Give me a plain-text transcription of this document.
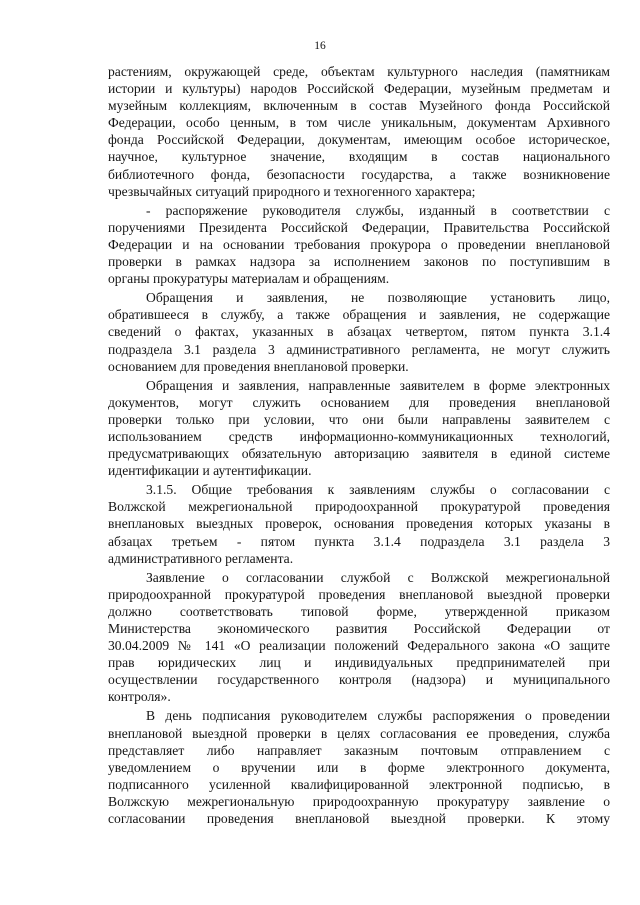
16
растениям, окружающей среде, объектам культурного наследия (памятникам
истории и культуры) народов Российской Федерации, музейным предметам и
музейным коллекциям, включенным в состав Музейного фонда Российской
Федерации, особо ценным, в том числе уникальным, документам Архивного
фонда Российской Федерации, документам, имеющим особое историческое,
научное, культурное значение, входящим в состав национального
библиотечного фонда, безопасности государства, а также возникновение
чрезвычайных ситуаций природного и техногенного характера;
- распоряжение руководителя службы, изданный в соответствии с
поручениями Президента Российской Федерации, Правительства Российской
Федерации и на основании требования прокурора о проведении внеплановой
проверки в рамках надзора за исполнением законов по поступившим в
органы прокуратуры материалам и обращениям.
Обращения и заявления, не позволяющие установить лицо,
обратившееся в службу, а также обращения и заявления, не содержащие
сведений о фактах, указанных в абзацах четвертом, пятом пункта 3.1.4
подраздела 3.1 раздела 3 административного регламента, не могут служить
основанием для проведения внеплановой проверки.
Обращения и заявления, направленные заявителем в форме электронных
документов, могут служить основанием для проведения внеплановой
проверки только при условии, что они были направлены заявителем с
использованием средств информационно-коммуникационных технологий,
предусматривающих обязательную авторизацию заявителя в единой системе
идентификации и аутентификации.
3.1.5. Общие требования к заявлениям службы о согласовании с
Волжской межрегиональной природоохранной прокуратурой проведения
внеплановых выездных проверок, основания проведения которых указаны в
абзацах третьем - пятом пункта 3.1.4 подраздела 3.1 раздела 3
административного регламента.
Заявление о согласовании службой с Волжской межрегиональной
природоохранной прокуратурой проведения внеплановой выездной проверки
должно соответствовать типовой форме, утвержденной приказом
Министерства экономического развития Российской Федерации от
30.04.2009 № 141 «О реализации положений Федерального закона «О защите
прав юридических лиц и индивидуальных предпринимателей при
осуществлении государственного контроля (надзора) и муниципального
контроля».
В день подписания руководителем службы распоряжения о проведении
внеплановой выездной проверки в целях согласования ее проведения, служба
представляет либо направляет заказным почтовым отправлением с
уведомлением о вручении или в форме электронного документа,
подписанного усиленной квалифицированной электронной подписью, в
Волжскую межрегиональную природоохранную прокуратуру заявление о
согласовании проведения внеплановой выездной проверки. К этому
